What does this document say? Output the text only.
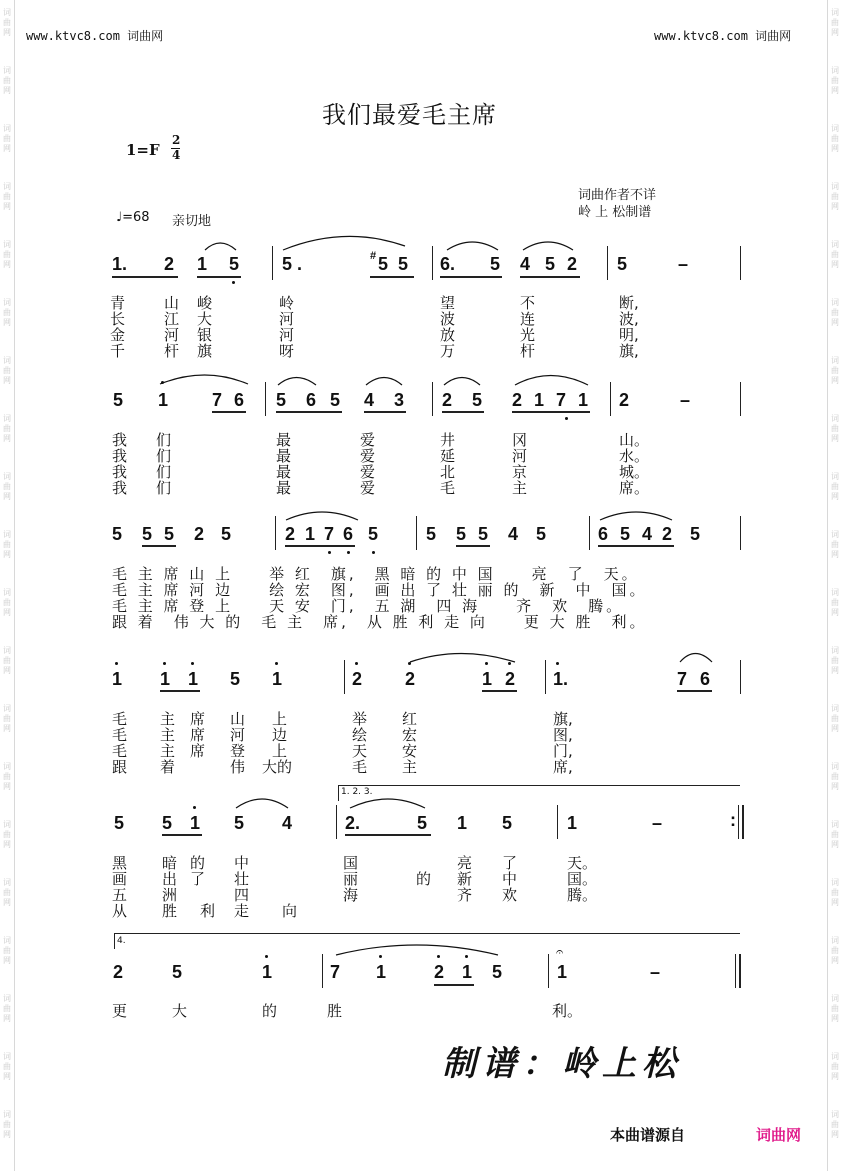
词
曲
网
词
曲
网
词
曲
网
词
曲
网
词
曲
网
词
曲
网
词
曲
网
词
曲
网
词
曲
网
词
曲
网
词
曲
网
词
曲
网
词
曲
网
词
曲
网
词
曲
网
词
曲
网
词
曲
网
词
曲
网
词
曲
网
词
曲
网
词
曲
网
词
曲
网
词
曲
网
词
曲
网
词
曲
网
词
曲
网
词
曲
网
词
曲
网
词
曲
网
词
曲
网
词
曲
网
词
曲
网
词
曲
网
词
曲
网
词
曲
网
词
曲
网
词
曲
网
词
曲
网
词
曲
网
词
曲
网
www.ktvc8.com 词曲网	www.ktvc8.com 词曲网
我们最爱毛主席
1=F
2
4
词曲作者不详
岭 上 松制谱
♩=68 亲切地
1. 2 1 5 5 .	# 5 5 6. 5 4 5 2 5	–
青	山 峻	岭	望	不	断,
长	江 大	河	波	连	波,
金	河 银	河	放	光	明,
千	杆 旗	呀	万	杆	旗,
5 1 7 6 5 6 5 4 3 2 5 2 1 7 1 2	–
我 们	最	爱	井	冈	山。
我 们	最	爱	延	河	水。
我 们	最	爱	北	京	城。
我 们	最	爱	毛	主	席。
5 5 5 2 5	2 1 7 6 5	5 5 5 4 5	6 5 4 2 5
毛 主 席 山 上　　举 红　旗,　黑 暗 的 中 国　　亮　了　天。
毛 主 席 河 边　　绘 宏　图,　画 出 了 壮 丽 的　新　中　国。
毛 主 席 登 上　　天 安　门,　五 湖　四 海　　齐　欢　腾。
跟 着　伟 大 的　毛 主　席,　从 胜 利 走 向　　更 大 胜　利。
1 1 1 5 1	2 2	1 2 1.	7 6
毛 主 席 山 上	举 红	旗,
毛 主 席 河 边	绘 宏	图,
毛 主 席 登 上	天 安	门,
跟 着	伟 大的	毛 主	席,
1. 2. 3.
5 5 1 5 4	2.	5 1 5	1	–	:
黑 暗 的 中	国	亮 了	天。
画 出 了 壮	丽	的 新 中	国。
五 洲	四	海	齐 欢	腾。
从 胜 利 走 向
4.
2	5	1	7 1	2 1 5	1	–
𝄐
更	大	的	胜	利。
制谱：岭上松
本曲谱源自	词曲网
